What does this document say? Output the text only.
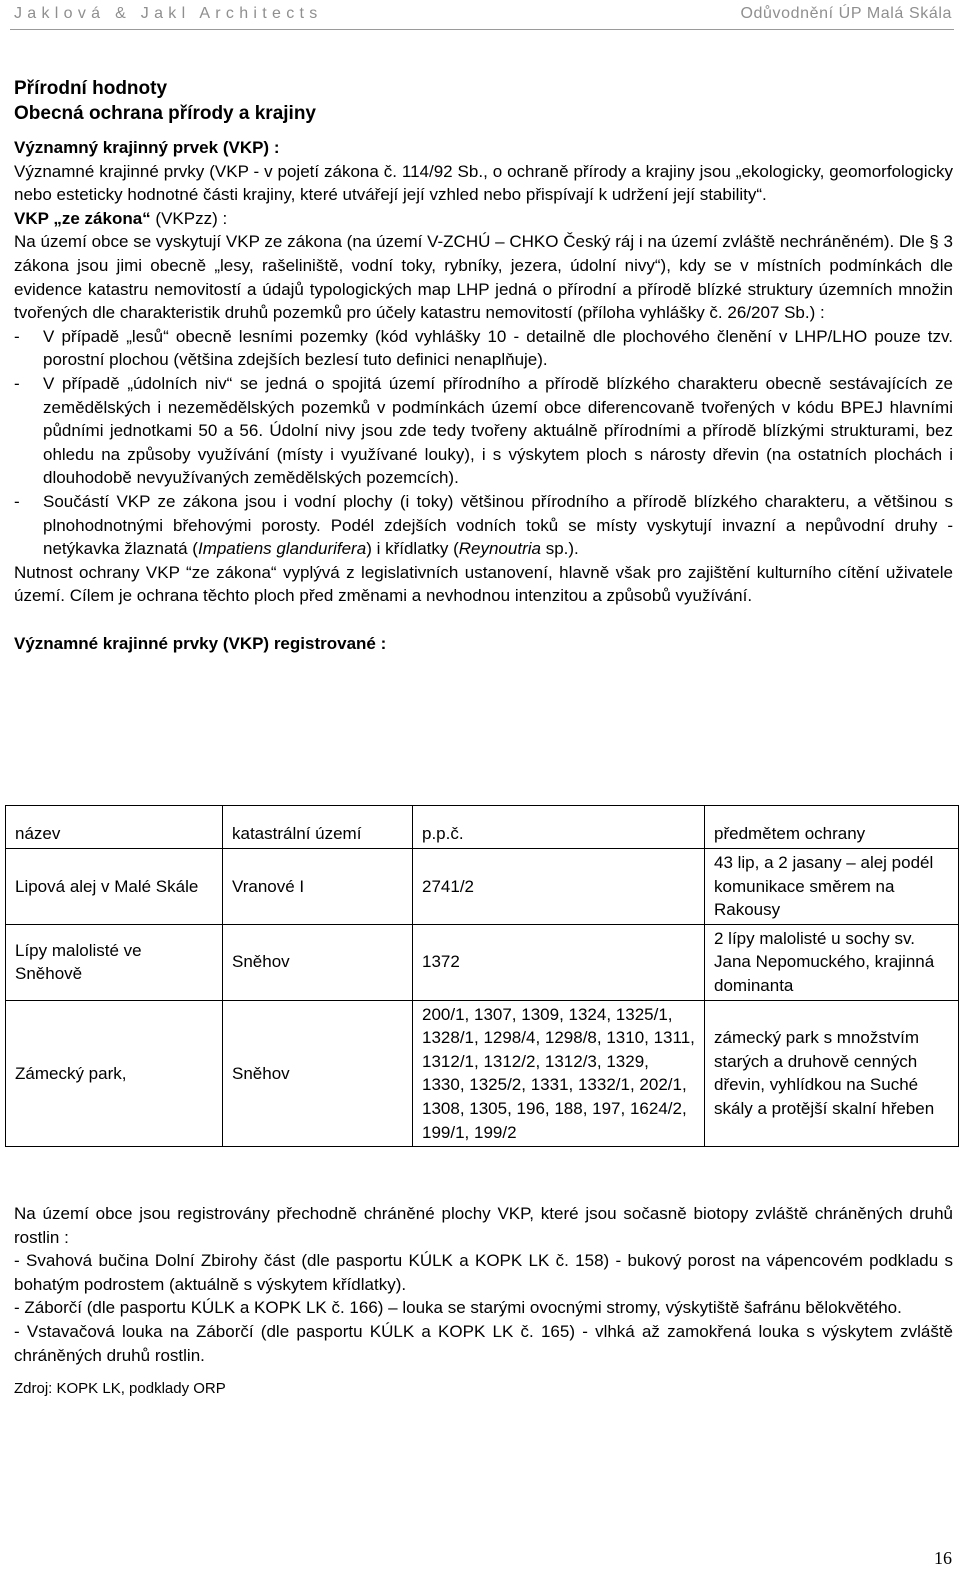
Jaklová & Jakl Architects	Odůvodnění ÚP Malá Skála
Přírodní hodnoty
Obecná ochrana přírody a krajiny

Významný krajinný prvek (VKP) :

Významné krajinné prvky (VKP - v pojetí zákona č. 114/92 Sb., o ochraně přírody a krajiny jsou „ekologicky, geomorfologicky nebo esteticky hodnotné části krajiny, které utvářejí její vzhled nebo přispívají k udržení její stability“.

VKP „ze zákona“ (VKPzz) :

Na území obce se vyskytují VKP ze zákona (na území V-ZCHÚ – CHKO Český ráj i na území zvláště nechráněném). Dle § 3 zákona jsou jimi obecně „lesy, rašeliniště, vodní toky, rybníky, jezera, údolní nivy“), kdy se v místních podmínkách dle evidence katastru nemovitostí a údajů typologických map LHP jedná o přírodní a přírodě blízké struktury územních množin tvořených dle charakteristik druhů pozemků pro účely katastru nemovitostí (příloha vyhlášky č. 26/207 Sb.) :

- V případě „lesů“ obecně lesními pozemky (kód vyhlášky 10 - detailně dle plochového členění v LHP/LHO pouze tzv. porostní plochou (většina zdejších bezlesí tuto definici nenaplňuje).
- V případě „údolních niv“ se jedná o spojitá území přírodního a přírodě blízkého charakteru obecně sestávajících ze zemědělských i nezemědělských pozemků v podmínkách území obce diferencovaně tvořených v kódu BPEJ hlavními půdními jednotkami 50 a 56. Údolní nivy jsou zde tedy tvořeny aktuálně přírodními a přírodě blízkými strukturami, bez ohledu na způsoby využívání (místy i využívané louky), i s výskytem ploch s nárosty dřevin (na ostatních plochách i dlouhodobě nevyužívaných zemědělských pozemcích).
- Součástí VKP ze zákona jsou i vodní plochy (i toky) většinou přírodního a přírodě blízkého charakteru, a většinou s plnohodnotnými břehovými porosty. Podél zdejších vodních toků se místy vyskytují invazní a nepůvodní druhy - netýkavka žlaznatá (Impatiens glandurifera) i křídlatky (Reynoutria sp.).

Nutnost ochrany VKP “ze zákona“ vyplývá z legislativních ustanovení, hlavně však pro zajištění kulturního cítění uživatele území. Cílem je ochrana těchto ploch před změnami a nevhodnou intenzitou a způsobů využívání.

Významné krajinné prvky (VKP) registrované :

název	katastrální území	p.p.č.	předmětem ochrany
Lipová alej v Malé Skále	Vranové I	2741/2	43 lip, a 2 jasany – alej podél komunikace směrem na Rakousy
Lípy malolisté ve Sněhově	Sněhov	1372	2 lípy malolisté u sochy sv. Jana Nepomuckého, krajinná dominanta
Zámecký park,	Sněhov	200/1, 1307, 1309, 1324, 1325/1, 1328/1, 1298/4, 1298/8, 1310, 1311, 1312/1, 1312/2, 1312/3, 1329, 1330, 1325/2, 1331, 1332/1, 202/1, 1308, 1305, 196, 188, 197, 1624/2, 199/1, 199/2	zámecký park s množstvím starých a druhově cenných dřevin, vyhlídkou na Suché skály a protější skalní hřeben

Na území obce jsou registrovány přechodně chráněné plochy VKP, které jsou sočasně biotopy zvláště chráněných druhů rostlin :

- Svahová bučina Dolní Zbirohy část (dle pasportu KÚLK a KOPK LK č. 158) - bukový porost na vápencovém podkladu s bohatým podrostem (aktuálně s výskytem křídlatky).

- Záborčí (dle pasportu KÚLK a KOPK LK č. 166) – louka se starými ovocnými stromy, výskytiště šafránu bělokvětého.

- Vstavačová louka na Záborčí (dle pasportu KÚLK a KOPK LK č. 165) - vlhká až zamokřená louka s výskytem zvláště chráněných druhů rostlin.

Zdroj: KOPK LK, podklady ORP

16
